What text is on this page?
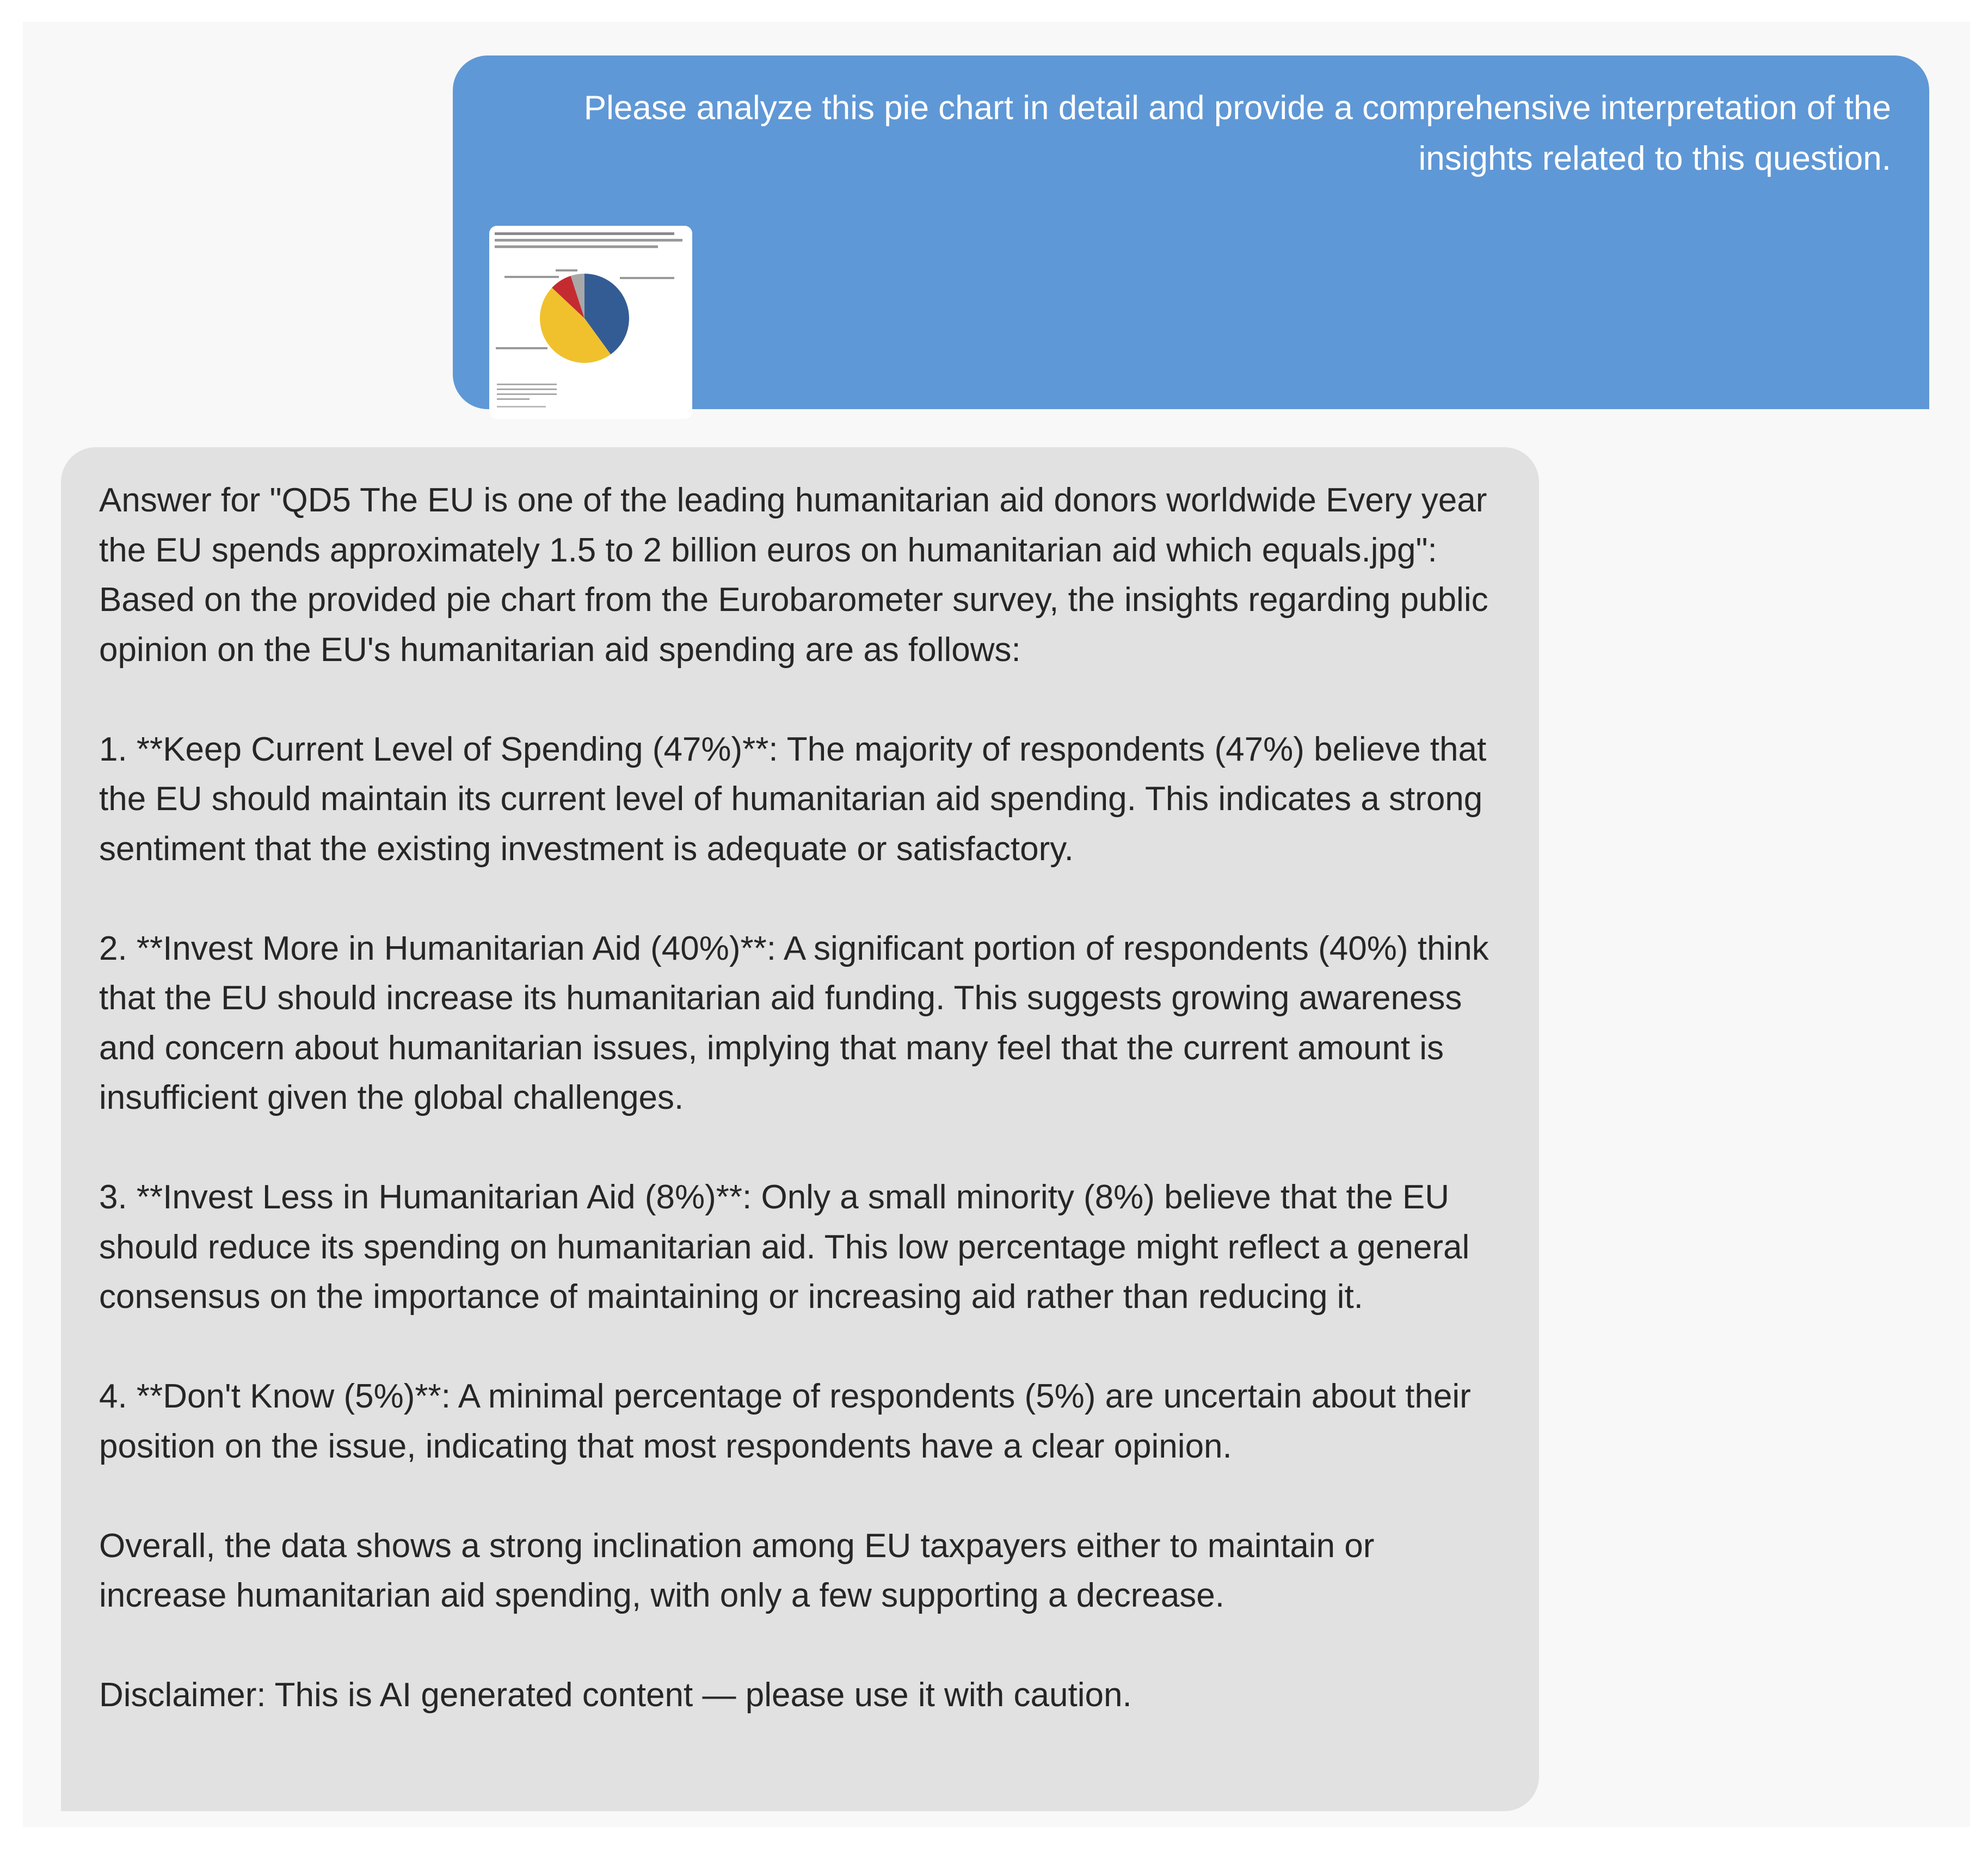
Please analyze this pie chart in detail and provide a comprehensive interpretation of the insights related to this question.

Answer for "QD5 The EU is one of the leading humanitarian aid donors worldwide Every year the EU spends approximately 1.5 to 2 billion euros on humanitarian aid which equals.jpg": Based on the provided pie chart from the Eurobarometer survey, the insights regarding public opinion on the EU's humanitarian aid spending are as follows:

1. **Keep Current Level of Spending (47%)**: The majority of respondents (47%) believe that the EU should maintain its current level of humanitarian aid spending. This indicates a strong sentiment that the existing investment is adequate or satisfactory.

2. **Invest More in Humanitarian Aid (40%)**: A significant portion of respondents (40%) think that the EU should increase its humanitarian aid funding. This suggests growing awareness and concern about humanitarian issues, implying that many feel that the current amount is insufficient given the global challenges.

3. **Invest Less in Humanitarian Aid (8%)**: Only a small minority (8%) believe that the EU should reduce its spending on humanitarian aid. This low percentage might reflect a general consensus on the importance of maintaining or increasing aid rather than reducing it.

4. **Don't Know (5%)**: A minimal percentage of respondents (5%) are uncertain about their position on the issue, indicating that most respondents have a clear opinion.

Overall, the data shows a strong inclination among EU taxpayers either to maintain or increase humanitarian aid spending, with only a few supporting a decrease.

Disclaimer: This is AI generated content — please use it with caution.
